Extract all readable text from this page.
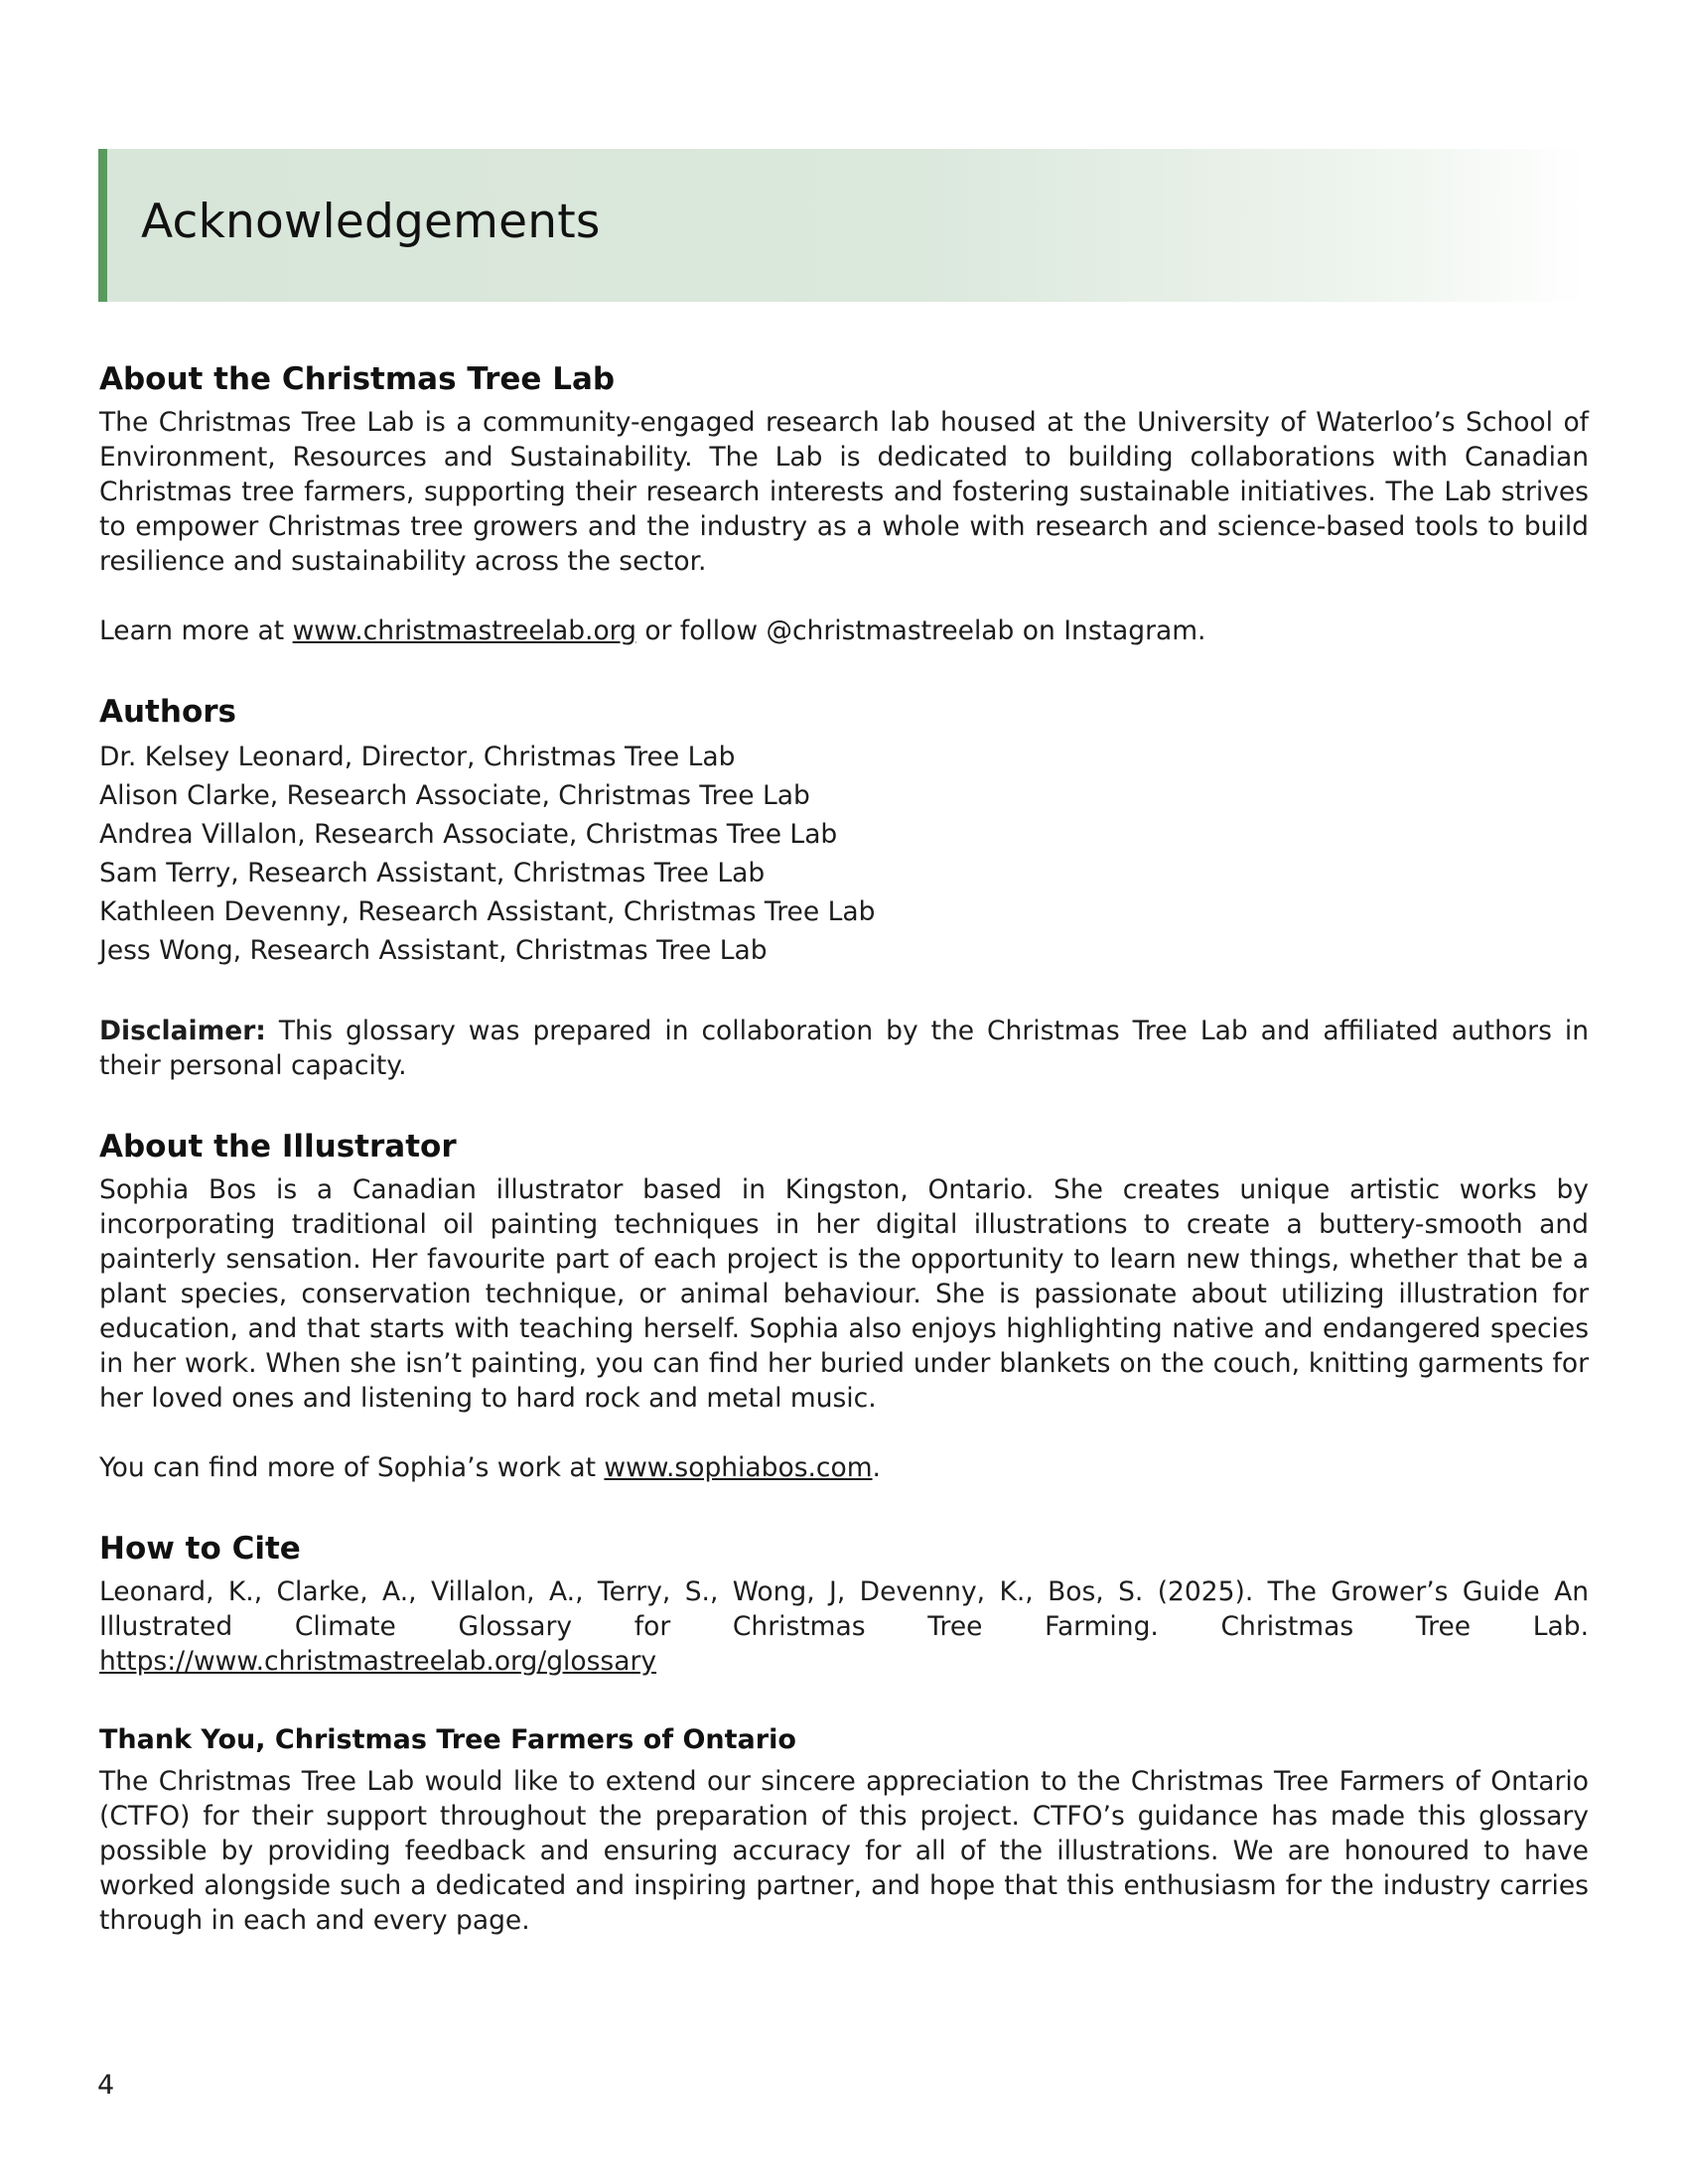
Acknowledgements
About the Christmas Tree Lab

The Christmas Tree Lab is a community-engaged research lab housed at the University of Waterloo’s School of Environment, Resources and Sustainability. The Lab is dedicated to building collaborations with Canadian Christmas tree farmers, supporting their research interests and fostering sustainable initiatives. The Lab strives to empower Christmas tree growers and the industry as a whole with research and science-based tools to build resilience and sustainability across the sector.

Learn more at www.christmastreelab.org or follow @christmastreelab on Instagram.

Authors

Dr. Kelsey Leonard, Director, Christmas Tree Lab

Alison Clarke, Research Associate, Christmas Tree Lab

Andrea Villalon, Research Associate, Christmas Tree Lab

Sam Terry, Research Assistant, Christmas Tree Lab

Kathleen Devenny, Research Assistant, Christmas Tree Lab

Jess Wong, Research Assistant, Christmas Tree Lab

Disclaimer: This glossary was prepared in collaboration by the Christmas Tree Lab and affiliated authors in their personal capacity.

About the Illustrator

Sophia Bos is a Canadian illustrator based in Kingston, Ontario. She creates unique artistic works by incorporating traditional oil painting techniques in her digital illustrations to create a buttery-smooth and painterly sensation. Her favourite part of each project is the opportunity to learn new things, whether that be a plant species, conservation technique, or animal behaviour. She is passionate about utilizing illustration for education, and that starts with teaching herself. Sophia also enjoys highlighting native and endangered species in her work. When she isn’t painting, you can find her buried under blankets on the couch, knitting garments for her loved ones and listening to hard rock and metal music.

You can find more of Sophia’s work at www.sophiabos.com.

How to Cite

Leonard, K., Clarke, A., Villalon, A., Terry, S., Wong, J, Devenny, K., Bos, S. (2025). The Grower’s Guide An Illustrated Climate Glossary for Christmas Tree Farming. Christmas Tree Lab. https://www.christmastreelab.org/glossary

Thank You, Christmas Tree Farmers of Ontario

The Christmas Tree Lab would like to extend our sincere appreciation to the Christmas Tree Farmers of Ontario (CTFO) for their support throughout the preparation of this project. CTFO’s guidance has made this glossary possible by providing feedback and ensuring accuracy for all of the illustrations. We are honoured to have worked alongside such a dedicated and inspiring partner, and hope that this enthusiasm for the industry carries through in each and every page.

4
